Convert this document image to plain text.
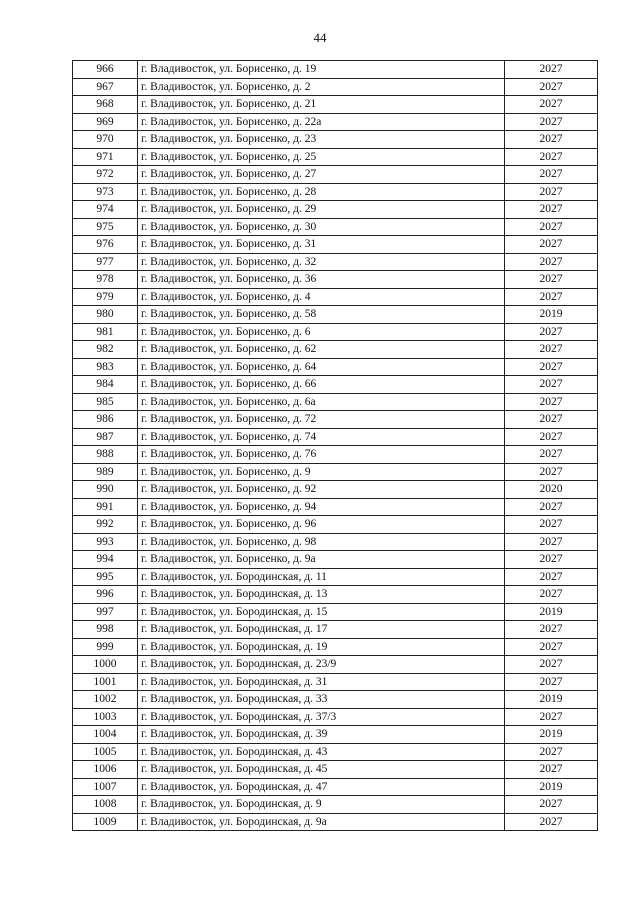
44
966	г. Владивосток, ул. Борисенко, д. 19	2027
967	г. Владивосток, ул. Борисенко, д. 2	2027
968	г. Владивосток, ул. Борисенко, д. 21	2027
969	г. Владивосток, ул. Борисенко, д. 22а	2027
970	г. Владивосток, ул. Борисенко, д. 23	2027
971	г. Владивосток, ул. Борисенко, д. 25	2027
972	г. Владивосток, ул. Борисенко, д. 27	2027
973	г. Владивосток, ул. Борисенко, д. 28	2027
974	г. Владивосток, ул. Борисенко, д. 29	2027
975	г. Владивосток, ул. Борисенко, д. 30	2027
976	г. Владивосток, ул. Борисенко, д. 31	2027
977	г. Владивосток, ул. Борисенко, д. 32	2027
978	г. Владивосток, ул. Борисенко, д. 36	2027
979	г. Владивосток, ул. Борисенко, д. 4	2027
980	г. Владивосток, ул. Борисенко, д. 58	2019
981	г. Владивосток, ул. Борисенко, д. 6	2027
982	г. Владивосток, ул. Борисенко, д. 62	2027
983	г. Владивосток, ул. Борисенко, д. 64	2027
984	г. Владивосток, ул. Борисенко, д. 66	2027
985	г. Владивосток, ул. Борисенко, д. 6а	2027
986	г. Владивосток, ул. Борисенко, д. 72	2027
987	г. Владивосток, ул. Борисенко, д. 74	2027
988	г. Владивосток, ул. Борисенко, д. 76	2027
989	г. Владивосток, ул. Борисенко, д. 9	2027
990	г. Владивосток, ул. Борисенко, д. 92	2020
991	г. Владивосток, ул. Борисенко, д. 94	2027
992	г. Владивосток, ул. Борисенко, д. 96	2027
993	г. Владивосток, ул. Борисенко, д. 98	2027
994	г. Владивосток, ул. Борисенко, д. 9а	2027
995	г. Владивосток, ул. Бородинская, д. 11	2027
996	г. Владивосток, ул. Бородинская, д. 13	2027
997	г. Владивосток, ул. Бородинская, д. 15	2019
998	г. Владивосток, ул. Бородинская, д. 17	2027
999	г. Владивосток, ул. Бородинская, д. 19	2027
1000	г. Владивосток, ул. Бородинская, д. 23/9	2027
1001	г. Владивосток, ул. Бородинская, д. 31	2027
1002	г. Владивосток, ул. Бородинская, д. 33	2019
1003	г. Владивосток, ул. Бородинская, д. 37/3	2027
1004	г. Владивосток, ул. Бородинская, д. 39	2019
1005	г. Владивосток, ул. Бородинская, д. 43	2027
1006	г. Владивосток, ул. Бородинская, д. 45	2027
1007	г. Владивосток, ул. Бородинская, д. 47	2019
1008	г. Владивосток, ул. Бородинская, д. 9	2027
1009	г. Владивосток, ул. Бородинская, д. 9а	2027
